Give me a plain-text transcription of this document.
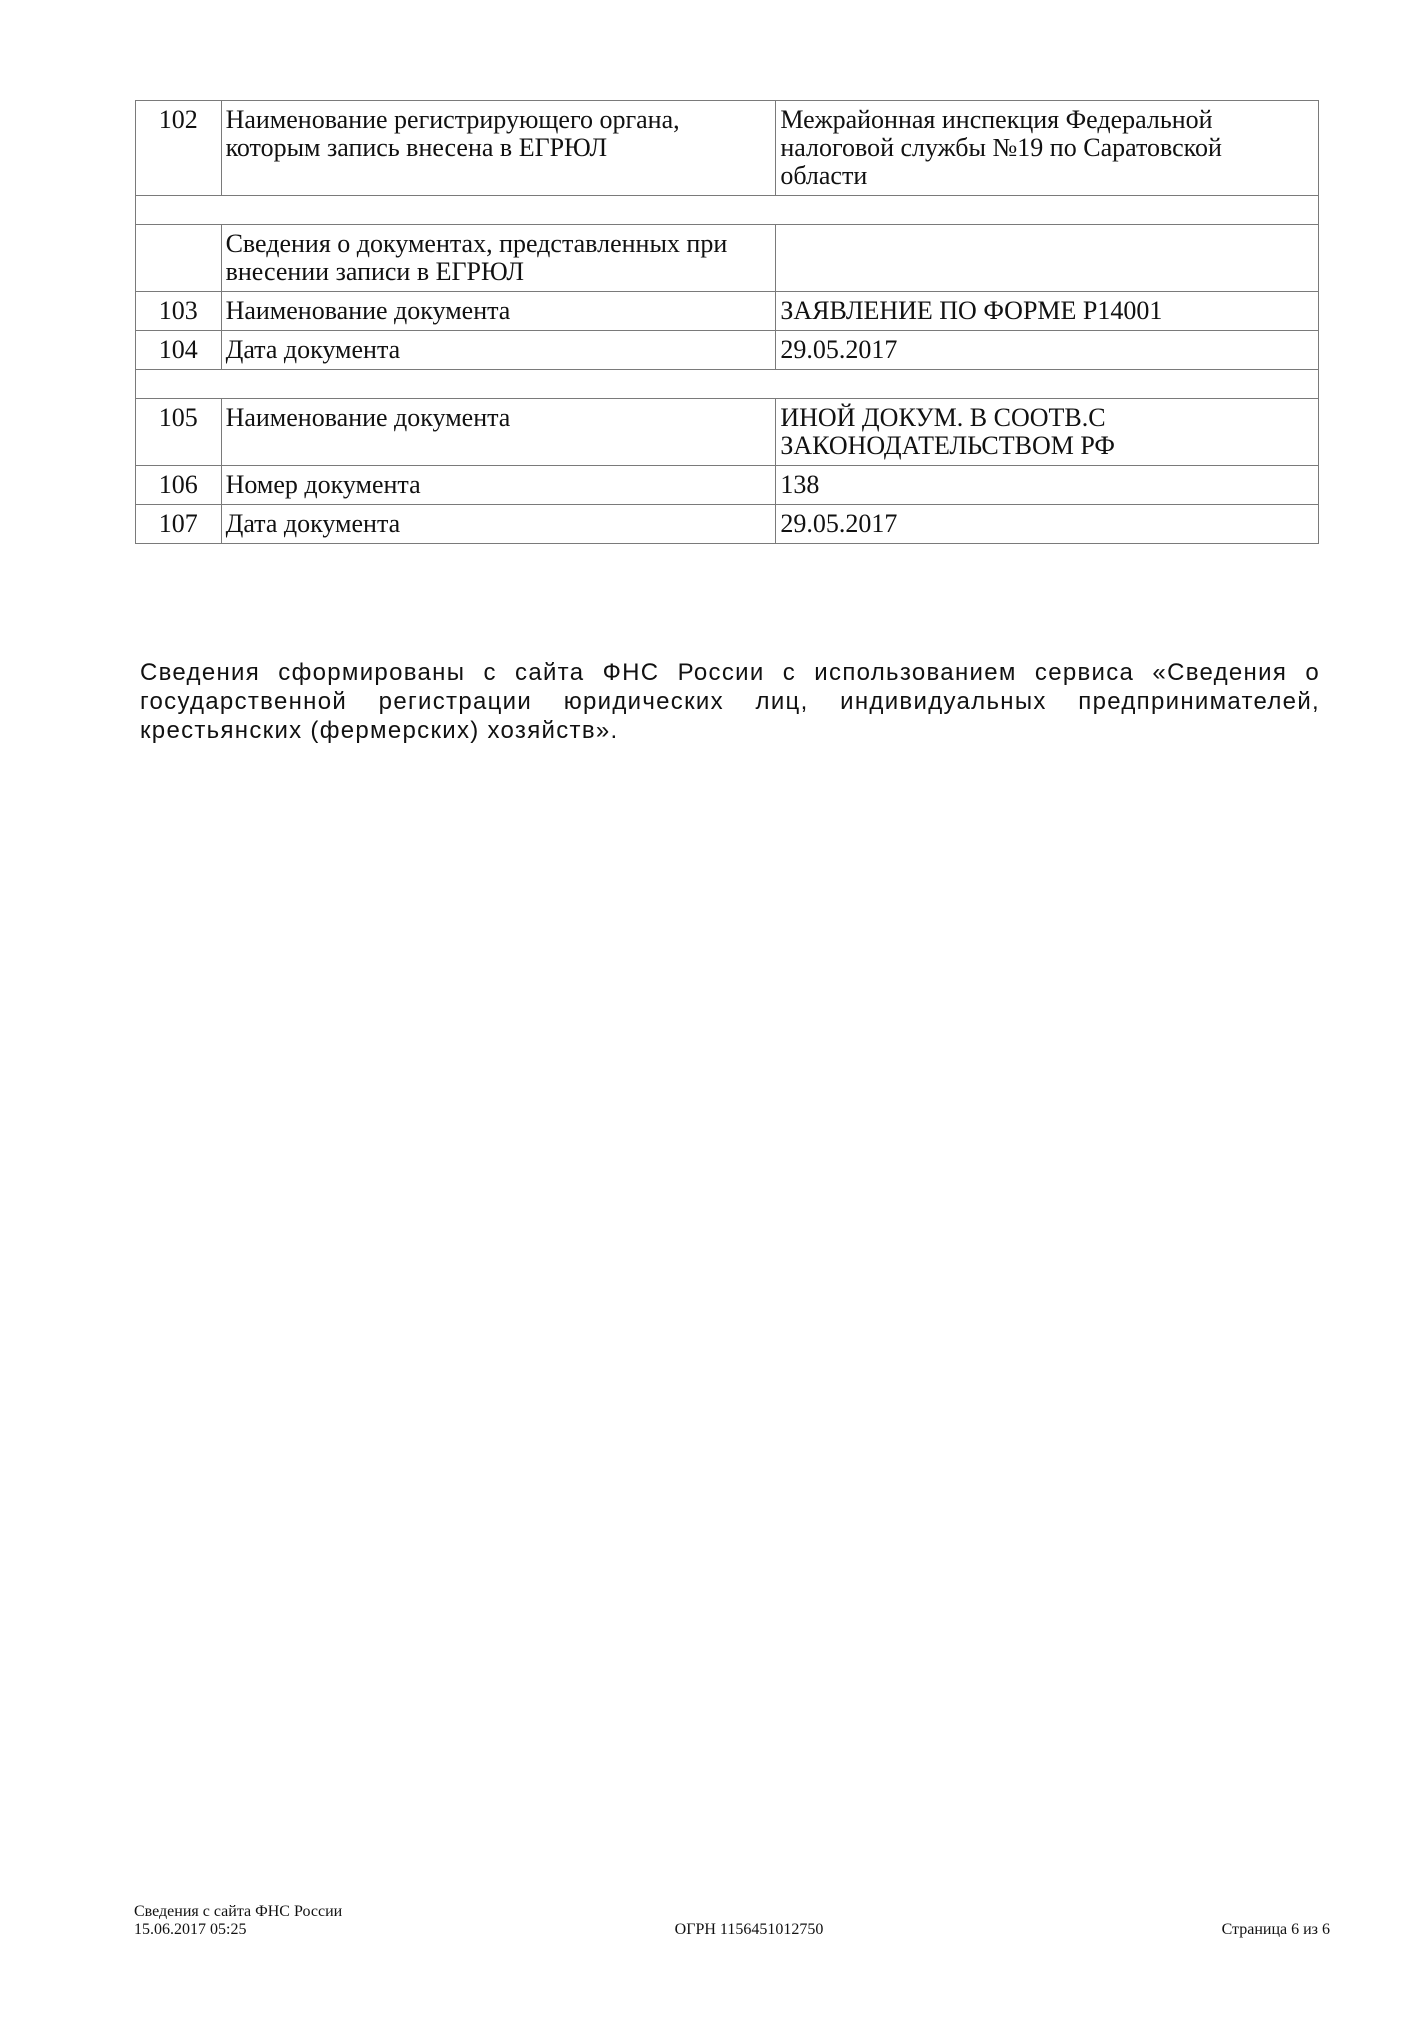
102	Наименование регистрирующего органа, которым запись внесена в ЕГРЮЛ	Межрайонная инспекция Федеральной налоговой службы №19 по Саратовской области

	Сведения о документах, представленных при внесении записи в ЕГРЮЛ	
103	Наименование документа	ЗАЯВЛЕНИЕ ПО ФОРМЕ Р14001
104	Дата документа	29.05.2017

105	Наименование документа	ИНОЙ ДОКУМ. В СООТВ.С ЗАКОНОДАТЕЛЬСТВОМ РФ
106	Номер документа	138
107	Дата документа	29.05.2017

Сведения сформированы с сайта ФНС России с использованием сервиса «Сведения о государственной регистрации юридических лиц, индивидуальных предпринимателей, крестьянских (фермерских) хозяйств».

Сведения с сайта ФНС России
15.06.2017 05:25	ОГРН 1156451012750	Страница 6 из 6
